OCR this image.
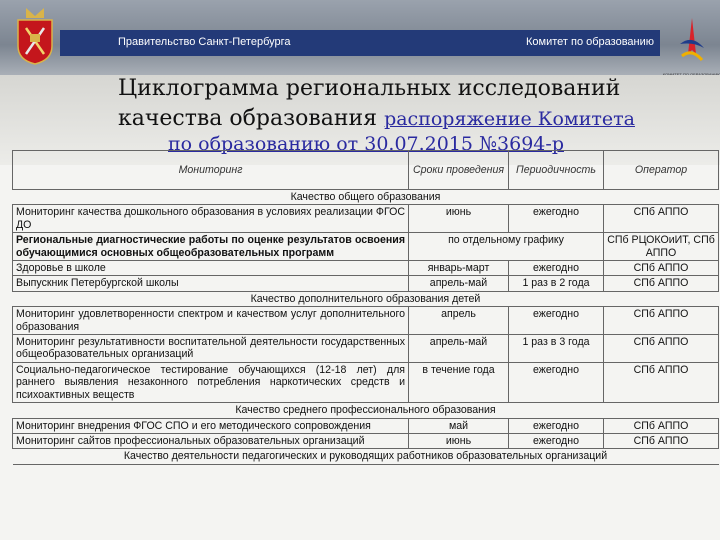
Правительство Санкт-Петербурга	Комитет по образованию
Циклограмма региональных исследований
качества образования распоряжение Комитета
по образованию от 30.07.2015 №3694-р
Мониторинг	Сроки проведения	Периодичность	Оператор
Качество общего образования			
Мониторинг качества дошкольного образования в условиях реализации ФГОС ДО	июнь	ежегодно	СПб АППО
Региональные диагностические работы по оценке результатов освоения обучающимися основных общеобразовательных программ	по отдельному графику		СПб РЦОКОиИТ, СПб АППО
Здоровье в школе	январь-март	ежегодно	СПб АППО
Выпускник Петербургской школы	апрель-май	1 раз в 2 года	СПб АППО
Качество дополнительного образования детей			
Мониторинг удовлетворенности спектром и качеством услуг дополнительного образования	апрель	ежегодно	СПб АППО
Мониторинг результативности воспитательной деятельности государственных общеобразовательных организаций	апрель-май	1 раз в 3 года	СПб АППО
Социально-педагогическое тестирование обучающихся (12-18 лет) для раннего выявления незаконного потребления наркотических средств и психоактивных веществ	в течение года	ежегодно	СПб АППО
Качество среднего профессионального образования			
Мониторинг внедрения ФГОС СПО и его методического сопровождения	май	ежегодно	СПб АППО
Мониторинг сайтов профессиональных образовательных организаций	июнь	ежегодно	СПб АППО
Качество деятельности педагогических и руководящих работников образовательных организаций			
